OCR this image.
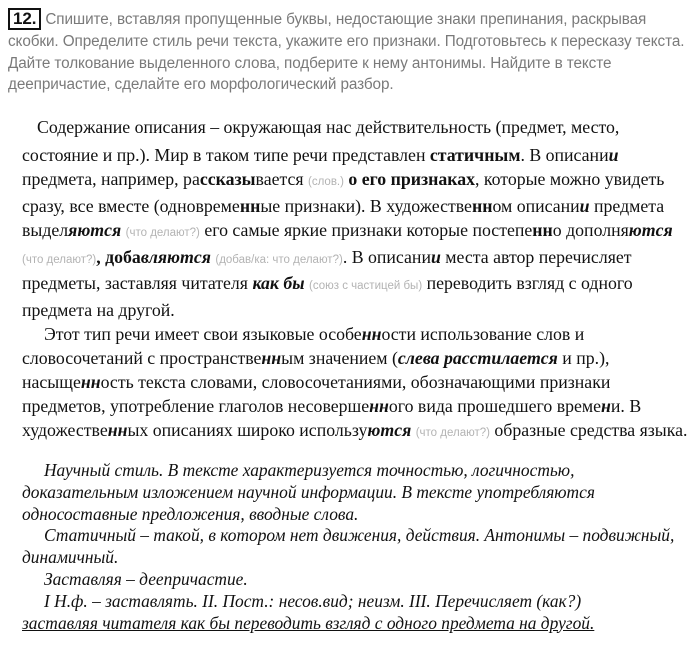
12. Спишите, вставляя пропущенные буквы, недостающие знаки препинания, раскрывая скобки. Определите стиль речи текста, укажите его признаки. Подготовьтесь к пересказу текста. Дайте толкование выделенного слова, подберите к нему антонимы. Найдите в тексте деепричастие, сделайте его морфологический разбор.

Содержание описания – окружающая нас действительность (предмет, место,

состояние и пр.). Мир в таком типе речи представлен статичным. В описании предмета, например, рассказывается (слов.) о его признаках, которые можно увидеть сразу, все вместе (одновременные признаки). В художественном описании предмета выделяются (что делают?) его самые яркие признаки которые постепенно дополняются (что делают?), добавляются (добав/ка: что делают?). В описании места автор перечисляет предметы, заставляя читателя как бы (союз с частицей бы) переводить взгляд с одного предмета на другой.

Этот тип речи имеет свои языковые особенности использование слов и словосочетаний с пространственным значением (слева расстилается и пр.), насыщенность текста словами, словосочетаниями, обозначающими признаки предметов, употребление глаголов несовершенного вида прошедшего времени. В художественных описаниях широко используются (что делают?) образные средства языка.

Научный стиль. В тексте характеризуется точностью, логичностью, доказательным изложением научной информации. В тексте употребляются односоставные предложения, вводные слова.

Статичный – такой, в котором нет движения, действия. Антонимы – подвижный, динамичный.

Заставляя – деепричастие.

I Н.ф. – заставлять. II. Пост.: несов.вид; неизм. III. Перечисляет (как?)

заставляя читателя как бы переводить взгляд с одного предмета на другой.
